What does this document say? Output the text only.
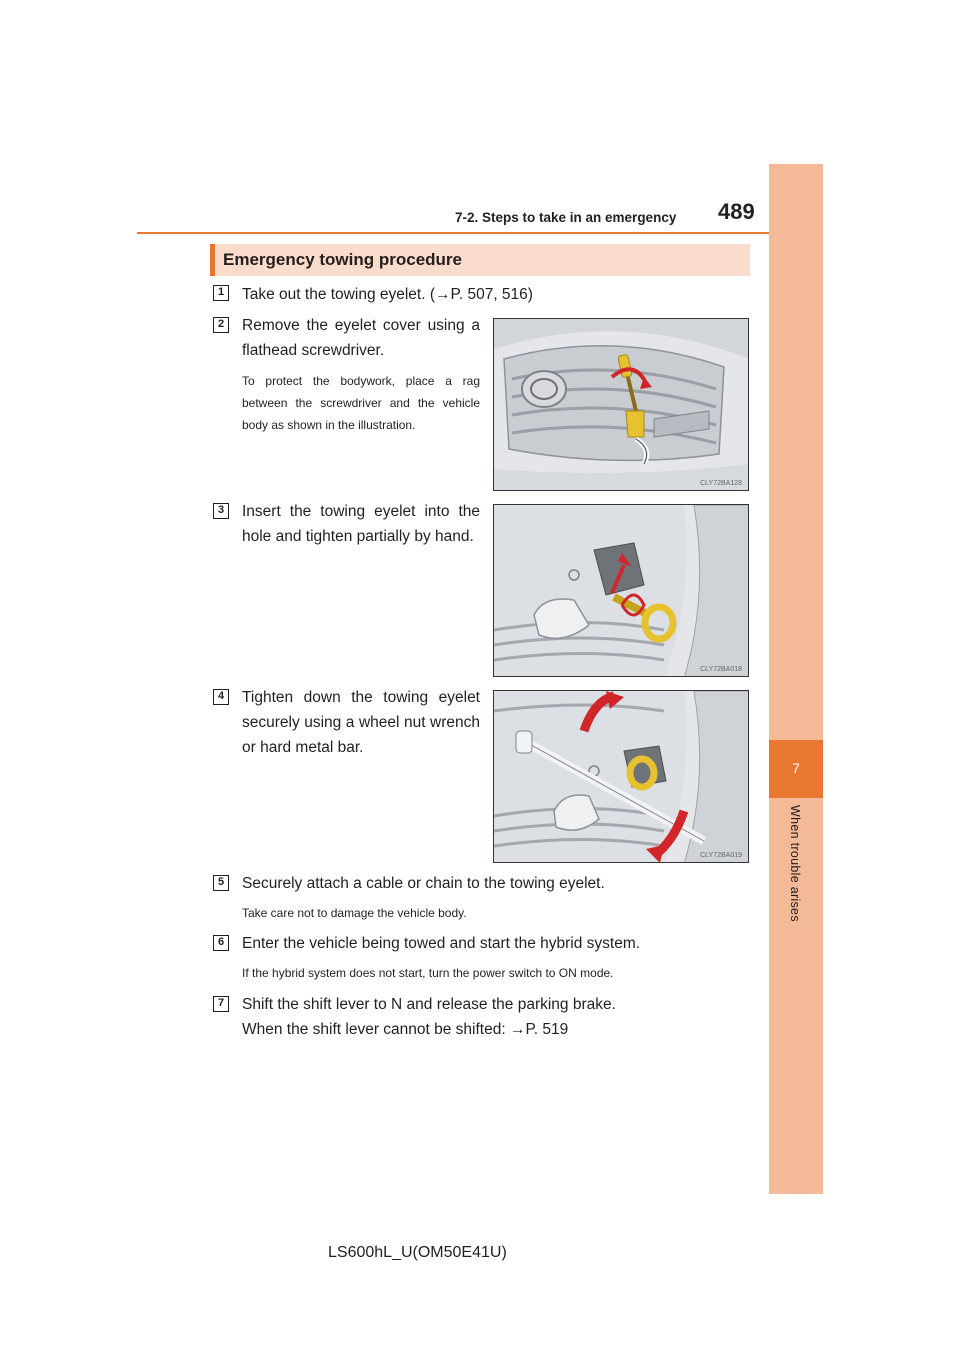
7-2. Steps to take in an emergency 489
7
When trouble arises
Emergency towing procedure
1	Take out the towing eyelet. (→P. 507, 516)
2	Remove the eyelet cover using a flathead screwdriver.
To protect the bodywork, place a rag between the screwdriver and the vehicle body as shown in the illustration.
CLY72BA128
3	Insert the towing eyelet into the hole and tighten partially by hand.
CLY72BA018
4	Tighten down the towing eyelet securely using a wheel nut wrench or hard metal bar.
CLY72BA019
5	Securely attach a cable or chain to the towing eyelet.
Take care not to damage the vehicle body.
6	Enter the vehicle being towed and start the hybrid system.
If the hybrid system does not start, turn the power switch to ON mode.
7	Shift the shift lever to N and release the parking brake.
When the shift lever cannot be shifted: →P. 519
LS600hL_U(OM50E41U)
